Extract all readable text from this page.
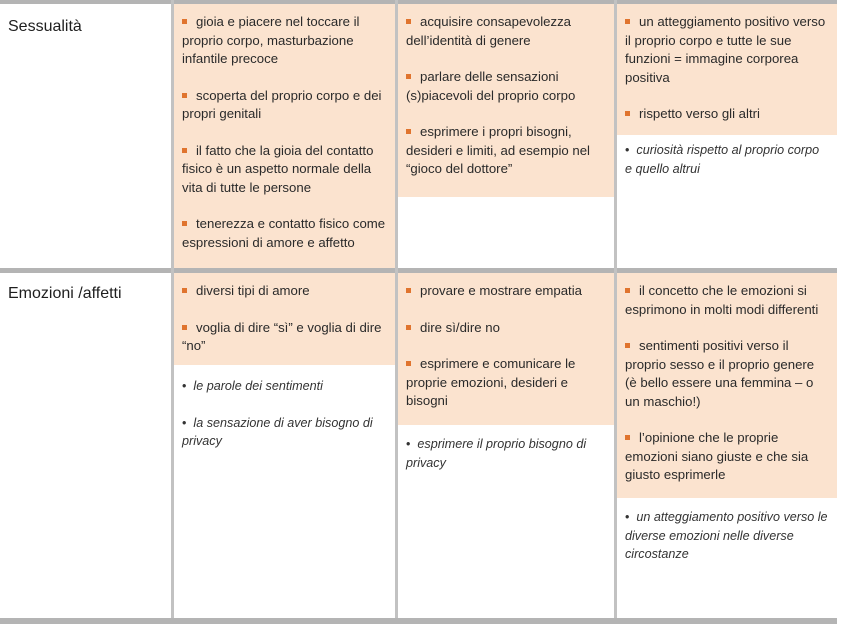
Sessualità
Emozioni /affetti
gioia e piacere nel toccare il proprio corpo, masturbazione infantile precoce
scoperta del proprio corpo e dei propri genitali
il fatto che la gioia del contatto fisico è un aspetto normale della vita di tutte le persone
tenerezza e contatto fisico come espressioni di amore e affetto
acquisire consapevolezza dell’identità di genere
parlare delle sensazioni (s)piacevoli del proprio corpo
esprimere i propri bisogni, desideri e limiti, ad esempio nel “gioco del dottore”
un atteggiamento positivo verso il proprio corpo e tutte le sue funzioni = immagine corporea positiva
rispetto verso gli altri
• curiosità rispetto al proprio corpo e quello altrui
diversi tipi di amore
voglia di dire “sì” e voglia di dire “no”
• le parole dei sentimenti
• la sensazione di aver bisogno di privacy
provare e mostrare empatia
dire sì/dire no
esprimere e comunicare le proprie emozioni, desideri e bisogni
• esprimere il proprio bisogno di privacy
il concetto che le emozioni si esprimono in molti modi differenti
sentimenti positivi verso il proprio sesso e il proprio genere (è bello essere una femmina – o un maschio!)
l’opinione che le proprie emozioni siano giuste e che sia giusto esprimerle
• un atteggiamento positivo verso le diverse emozioni nelle diverse circostanze
